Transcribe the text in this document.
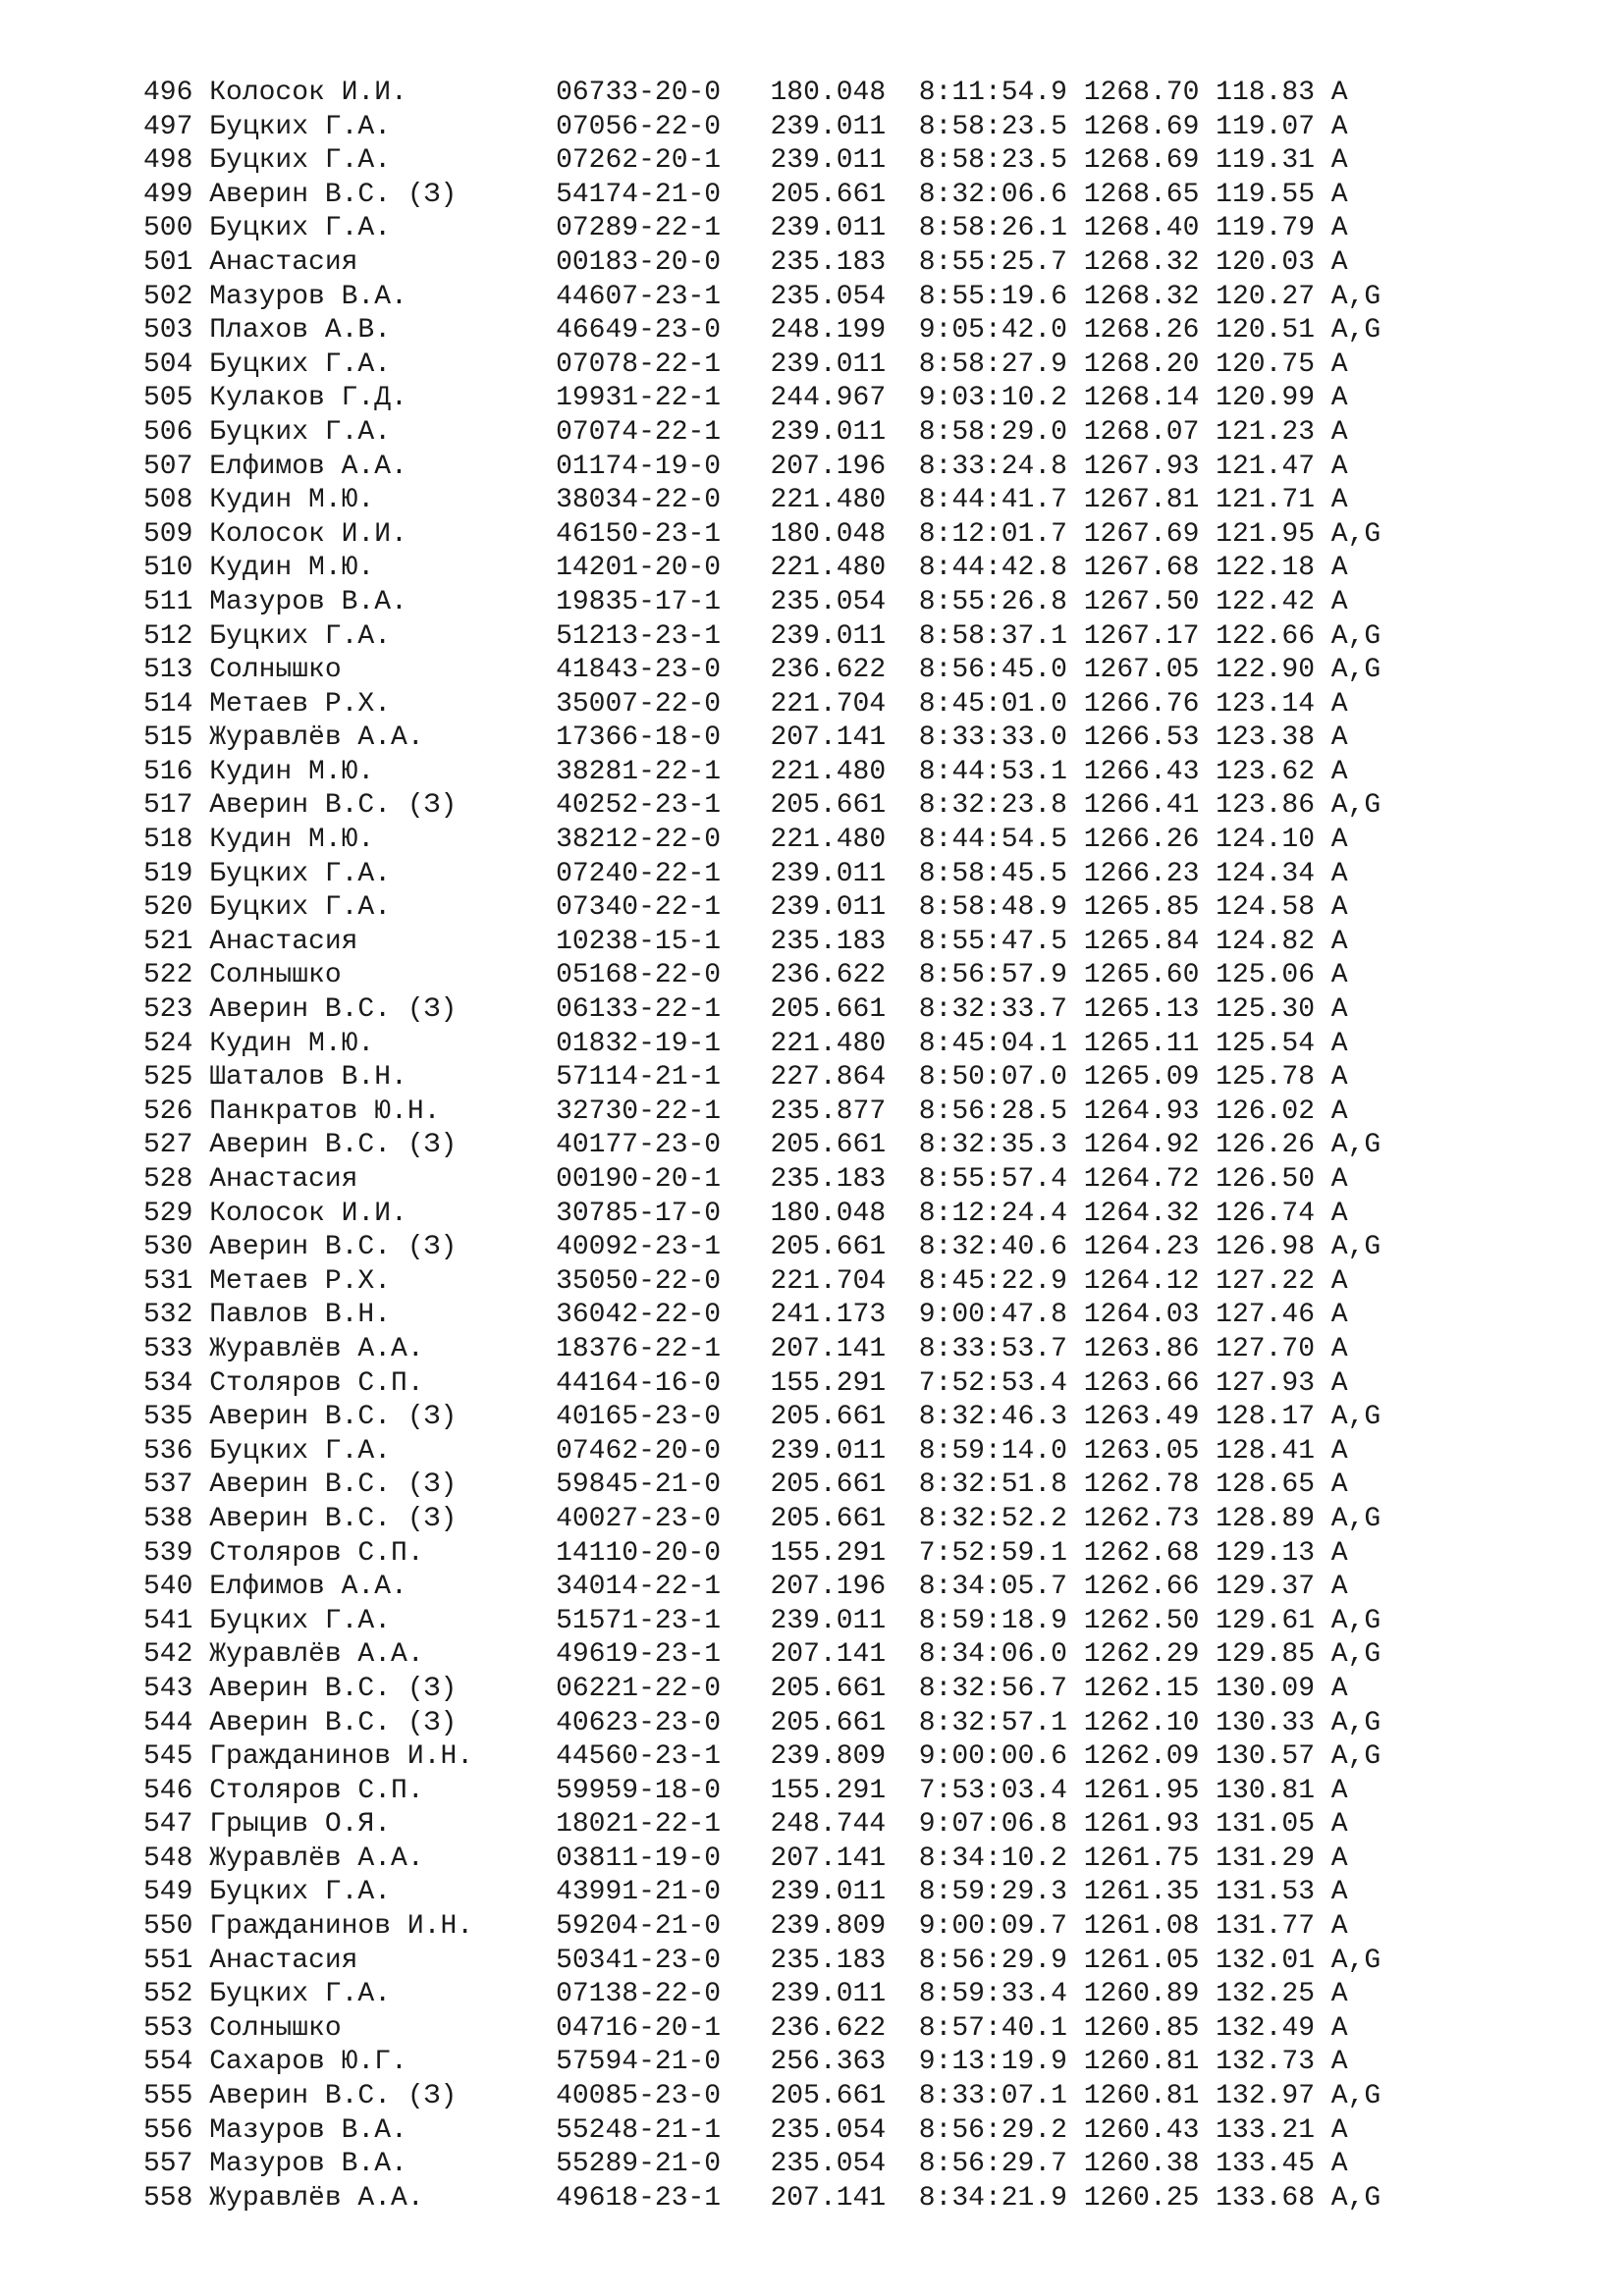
496 Колосок И.И.         06733-20-0   180.048  8:11:54.9 1268.70 118.83 A
497 Буцких Г.А.          07056-22-0   239.011  8:58:23.5 1268.69 119.07 A
498 Буцких Г.А.          07262-20-1   239.011  8:58:23.5 1268.69 119.31 A
499 Аверин В.С. (З)      54174-21-0   205.661  8:32:06.6 1268.65 119.55 A
500 Буцких Г.А.          07289-22-1   239.011  8:58:26.1 1268.40 119.79 A
501 Анастасия            00183-20-0   235.183  8:55:25.7 1268.32 120.03 A
502 Мазуров В.А.         44607-23-1   235.054  8:55:19.6 1268.32 120.27 A,G
503 Плахов А.В.          46649-23-0   248.199  9:05:42.0 1268.26 120.51 A,G
504 Буцких Г.А.          07078-22-1   239.011  8:58:27.9 1268.20 120.75 A
505 Кулаков Г.Д.         19931-22-1   244.967  9:03:10.2 1268.14 120.99 A
506 Буцких Г.А.          07074-22-1   239.011  8:58:29.0 1268.07 121.23 A
507 Елфимов А.А.         01174-19-0   207.196  8:33:24.8 1267.93 121.47 A
508 Кудин М.Ю.           38034-22-0   221.480  8:44:41.7 1267.81 121.71 A
509 Колосок И.И.         46150-23-1   180.048  8:12:01.7 1267.69 121.95 A,G
510 Кудин М.Ю.           14201-20-0   221.480  8:44:42.8 1267.68 122.18 A
511 Мазуров В.А.         19835-17-1   235.054  8:55:26.8 1267.50 122.42 A
512 Буцких Г.А.          51213-23-1   239.011  8:58:37.1 1267.17 122.66 A,G
513 Солнышко             41843-23-0   236.622  8:56:45.0 1267.05 122.90 A,G
514 Метаев Р.Х.          35007-22-0   221.704  8:45:01.0 1266.76 123.14 A
515 Журавлёв А.А.        17366-18-0   207.141  8:33:33.0 1266.53 123.38 A
516 Кудин М.Ю.           38281-22-1   221.480  8:44:53.1 1266.43 123.62 A
517 Аверин В.С. (З)      40252-23-1   205.661  8:32:23.8 1266.41 123.86 A,G
518 Кудин М.Ю.           38212-22-0   221.480  8:44:54.5 1266.26 124.10 A
519 Буцких Г.А.          07240-22-1   239.011  8:58:45.5 1266.23 124.34 A
520 Буцких Г.А.          07340-22-1   239.011  8:58:48.9 1265.85 124.58 A
521 Анастасия            10238-15-1   235.183  8:55:47.5 1265.84 124.82 A
522 Солнышко             05168-22-0   236.622  8:56:57.9 1265.60 125.06 A
523 Аверин В.С. (З)      06133-22-1   205.661  8:32:33.7 1265.13 125.30 A
524 Кудин М.Ю.           01832-19-1   221.480  8:45:04.1 1265.11 125.54 A
525 Шаталов В.Н.         57114-21-1   227.864  8:50:07.0 1265.09 125.78 A
526 Панкратов Ю.Н.       32730-22-1   235.877  8:56:28.5 1264.93 126.02 A
527 Аверин В.С. (З)      40177-23-0   205.661  8:32:35.3 1264.92 126.26 A,G
528 Анастасия            00190-20-1   235.183  8:55:57.4 1264.72 126.50 A
529 Колосок И.И.         30785-17-0   180.048  8:12:24.4 1264.32 126.74 A
530 Аверин В.С. (З)      40092-23-1   205.661  8:32:40.6 1264.23 126.98 A,G
531 Метаев Р.Х.          35050-22-0   221.704  8:45:22.9 1264.12 127.22 A
532 Павлов В.Н.          36042-22-0   241.173  9:00:47.8 1264.03 127.46 A
533 Журавлёв А.А.        18376-22-1   207.141  8:33:53.7 1263.86 127.70 A
534 Столяров С.П.        44164-16-0   155.291  7:52:53.4 1263.66 127.93 A
535 Аверин В.С. (З)      40165-23-0   205.661  8:32:46.3 1263.49 128.17 A,G
536 Буцких Г.А.          07462-20-0   239.011  8:59:14.0 1263.05 128.41 A
537 Аверин В.С. (З)      59845-21-0   205.661  8:32:51.8 1262.78 128.65 A
538 Аверин В.С. (З)      40027-23-0   205.661  8:32:52.2 1262.73 128.89 A,G
539 Столяров С.П.        14110-20-0   155.291  7:52:59.1 1262.68 129.13 A
540 Елфимов А.А.         34014-22-1   207.196  8:34:05.7 1262.66 129.37 A
541 Буцких Г.А.          51571-23-1   239.011  8:59:18.9 1262.50 129.61 A,G
542 Журавлёв А.А.        49619-23-1   207.141  8:34:06.0 1262.29 129.85 A,G
543 Аверин В.С. (З)      06221-22-0   205.661  8:32:56.7 1262.15 130.09 A
544 Аверин В.С. (З)      40623-23-0   205.661  8:32:57.1 1262.10 130.33 A,G
545 Гражданинов И.Н.     44560-23-1   239.809  9:00:00.6 1262.09 130.57 A,G
546 Столяров С.П.        59959-18-0   155.291  7:53:03.4 1261.95 130.81 A
547 Грыцив О.Я.          18021-22-1   248.744  9:07:06.8 1261.93 131.05 A
548 Журавлёв А.А.        03811-19-0   207.141  8:34:10.2 1261.75 131.29 A
549 Буцких Г.А.          43991-21-0   239.011  8:59:29.3 1261.35 131.53 A
550 Гражданинов И.Н.     59204-21-0   239.809  9:00:09.7 1261.08 131.77 A
551 Анастасия            50341-23-0   235.183  8:56:29.9 1261.05 132.01 A,G
552 Буцких Г.А.          07138-22-0   239.011  8:59:33.4 1260.89 132.25 A
553 Солнышко             04716-20-1   236.622  8:57:40.1 1260.85 132.49 A
554 Сахаров Ю.Г.         57594-21-0   256.363  9:13:19.9 1260.81 132.73 A
555 Аверин В.С. (З)      40085-23-0   205.661  8:33:07.1 1260.81 132.97 A,G
556 Мазуров В.А.         55248-21-1   235.054  8:56:29.2 1260.43 133.21 A
557 Мазуров В.А.         55289-21-0   235.054  8:56:29.7 1260.38 133.45 A
558 Журавлёв А.А.        49618-23-1   207.141  8:34:21.9 1260.25 133.68 A,G
